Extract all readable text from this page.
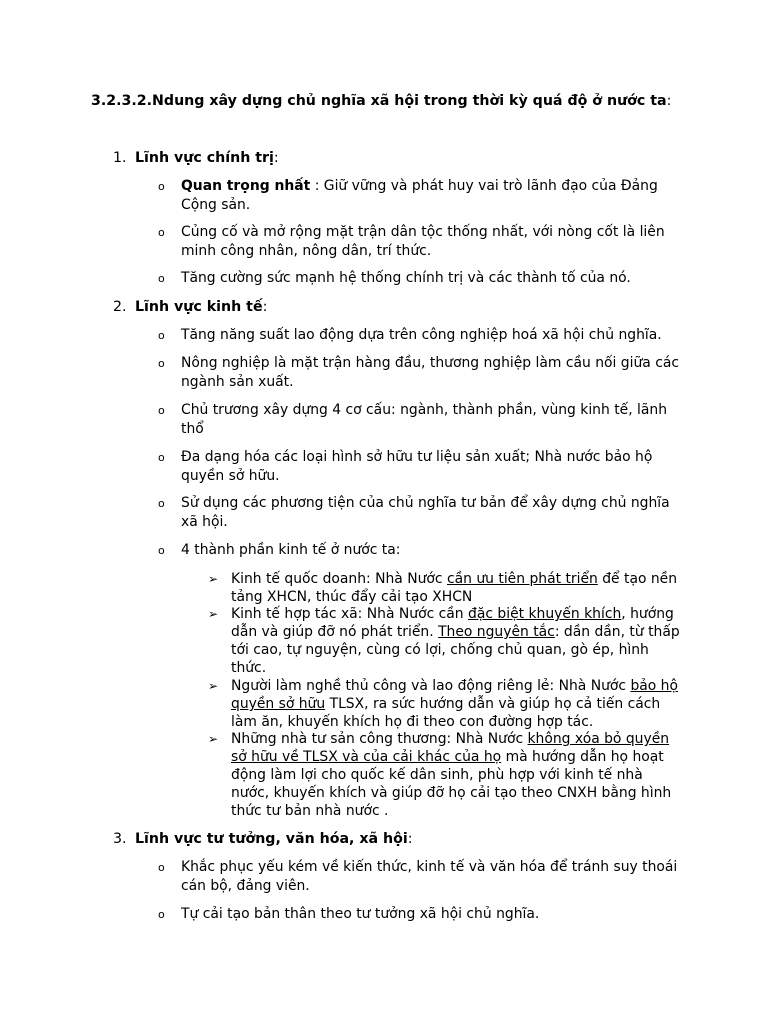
3.2.3.2.Ndung xây dựng chủ nghĩa xã hội trong thời kỳ quá độ ở nước ta:
1. Lĩnh vực chính trị:
o Quan trọng nhất : Giữ vững và phát huy vai trò lãnh đạo của Đảng Cộng sản.
o Củng cố và mở rộng mặt trận dân tộc thống nhất, với nòng cốt là liên minh công nhân, nông dân, trí thức.
o Tăng cường sức mạnh hệ thống chính trị và các thành tố của nó.
2. Lĩnh vực kinh tế:
o Tăng năng suất lao động dựa trên công nghiệp hoá xã hội chủ nghĩa.
o Nông nghiệp là mặt trận hàng đầu, thương nghiệp làm cầu nối giữa các ngành sản xuất.
o Chủ trương xây dựng 4 cơ cấu: ngành, thành phần, vùng kinh tế, lãnh thổ
o Đa dạng hóa các loại hình sở hữu tư liệu sản xuất; Nhà nước bảo hộ quyền sở hữu.
o Sử dụng các phương tiện của chủ nghĩa tư bản để xây dựng chủ nghĩa xã hội.
o 4 thành phần kinh tế ở nước ta:
➢ Kinh tế quốc doanh: Nhà Nước cần ưu tiên phát triển để tạo nền tảng XHCN, thúc đẩy cải tạo XHCN
➢ Kinh tế hợp tác xã: Nhà Nước cần đặc biệt khuyến khích, hướng dẫn và giúp đỡ nó phát triển. Theo nguyên tắc: dần dần, từ thấp tới cao, tự nguyện, cùng có lợi, chống chủ quan, gò ép, hình thức.
➢ Người làm nghề thủ công và lao động riêng lẻ: Nhà Nước bảo hộ quyền sở hữu TLSX, ra sức hướng dẫn và giúp họ cả tiến cách làm ăn, khuyến khích họ đi theo con đường hợp tác.
➢ Những nhà tư sản công thương: Nhà Nước không xóa bỏ quyền sở hữu về TLSX và của cải khác của họ mà hướng dẫn họ hoạt động làm lợi cho quốc kế dân sinh, phù hợp với kinh tế nhà nước, khuyến khích và giúp đỡ họ cải tạo theo CNXH bằng hình thức tư bản nhà nước .
3. Lĩnh vực tư tưởng, văn hóa, xã hội:
o Khắc phục yếu kém về kiến thức, kinh tế và văn hóa để tránh suy thoái cán bộ, đảng viên.
o Tự cải tạo bản thân theo tư tưởng xã hội chủ nghĩa.
